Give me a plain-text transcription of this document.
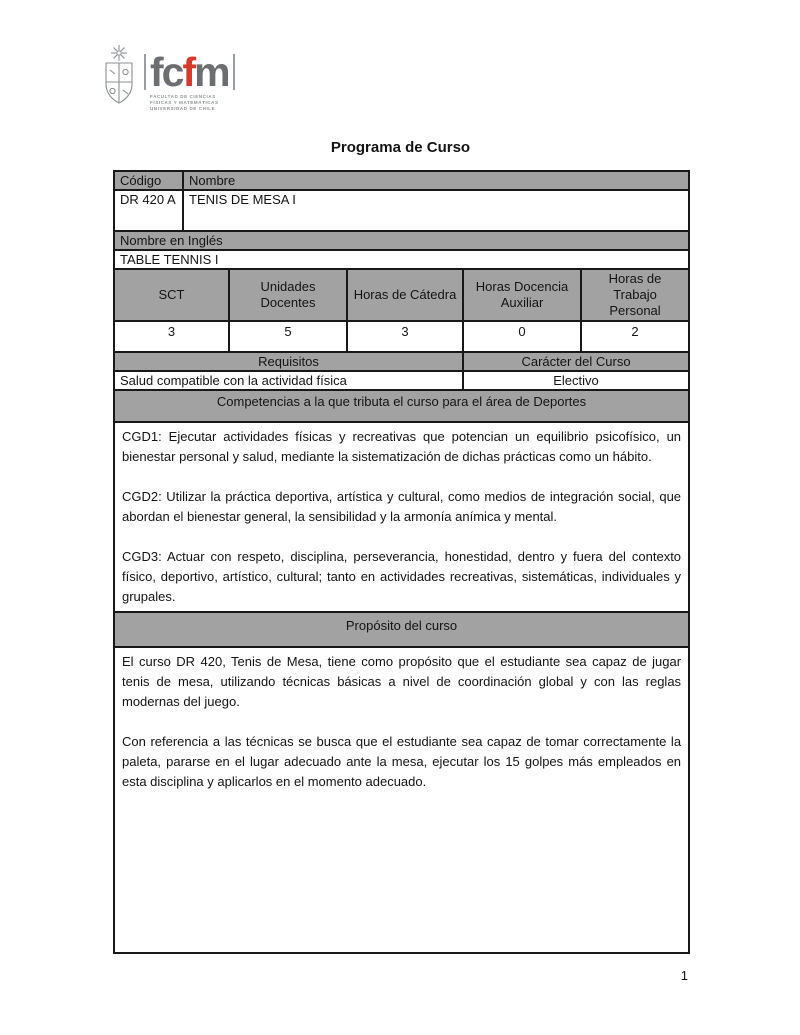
fcfm
FACULTAD DE CIENCIAS
FÍSICAS Y MATEMÁTICAS
UNIVERSIDAD DE CHILE
Programa de Curso
Código	Nombre				
DR 420 A	TENIS DE MESA I				
Nombre en Inglés					
TABLE TENNIS I					
SCT		Unidades Docentes	Horas de Cátedra	Horas Docencia Auxiliar	Horas de Trabajo Personal
3		5	3	0	2
Requisitos				Carácter del Curso	
Salud compatible con la actividad física				Electivo	
Competencias a la que tributa el curso para el área de Deportes					

CGD1: Ejecutar actividades físicas y recreativas que potencian un equilibrio psicofísico, un bienestar personal y salud, mediante la sistematización de dichas prácticas como un hábito.

CGD2: Utilizar la práctica deportiva, artística y cultural, como medios de integración social, que abordan el bienestar general, la sensibilidad y la armonía anímica y mental.

CGD3: Actuar con respeto, disciplina, perseverancia, honestidad, dentro y fuera del contexto físico, deportivo, artístico, cultural; tanto en actividades recreativas, sistemáticas, individuales y grupales.					

Propósito del curso					

El curso DR 420, Tenis de Mesa, tiene como propósito que el estudiante sea capaz de jugar tenis de mesa, utilizando técnicas básicas a nivel de coordinación global y con las reglas modernas del juego.

Con referencia a las técnicas se busca que el estudiante sea capaz de tomar correctamente la paleta, pararse en el lugar adecuado ante la mesa, ejecutar los 15 golpes más empleados en esta disciplina y aplicarlos en el momento adecuado.					

1
